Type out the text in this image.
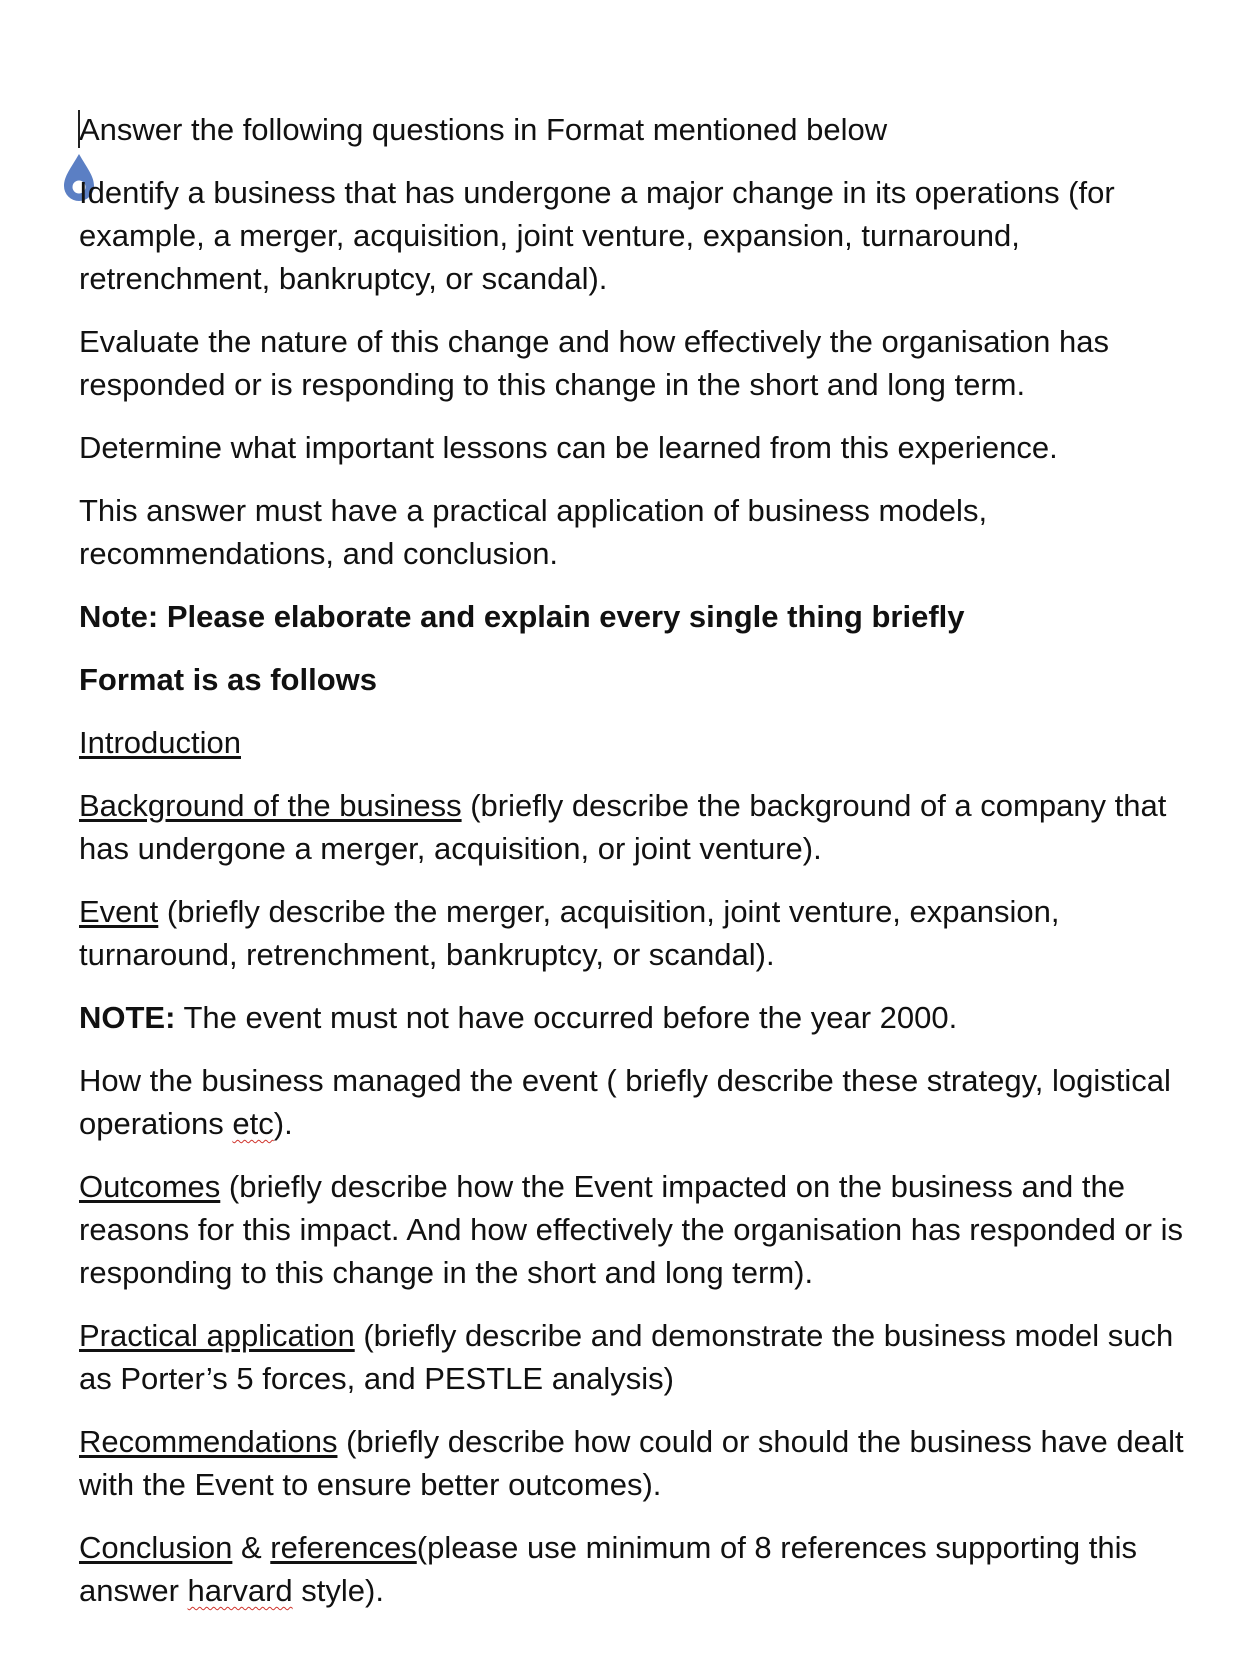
Answer the following questions in Format mentioned below

Identify a business that has undergone a major change in its operations (for example, a merger, acquisition, joint venture, expansion, turnaround, retrenchment, bankruptcy, or scandal).

Evaluate the nature of this change and how effectively the organisation has responded or is responding to this change in the short and long term.

Determine what important lessons can be learned from this experience.

This answer must have a practical application of business models, recommendations, and conclusion.

Note: Please elaborate and explain every single thing briefly

Format is as follows

Introduction

Background of the business (briefly describe the background of a company that has undergone a merger, acquisition, or joint venture).

Event (briefly describe the merger, acquisition, joint venture, expansion, turnaround, retrenchment, bankruptcy, or scandal).

NOTE: The event must not have occurred before the year 2000.

How the business managed the event ( briefly describe these strategy, logistical operations etc).

Outcomes (briefly describe how the Event impacted on the business and the reasons for this impact. And how effectively the organisation has responded or is responding to this change in the short and long term).

Practical application (briefly describe and demonstrate the business model such as Porter’s 5 forces, and PESTLE analysis)

Recommendations (briefly describe how could or should the business have dealt with the Event to ensure better outcomes).

Conclusion & references(please use minimum of 8 references supporting this answer harvard style).
